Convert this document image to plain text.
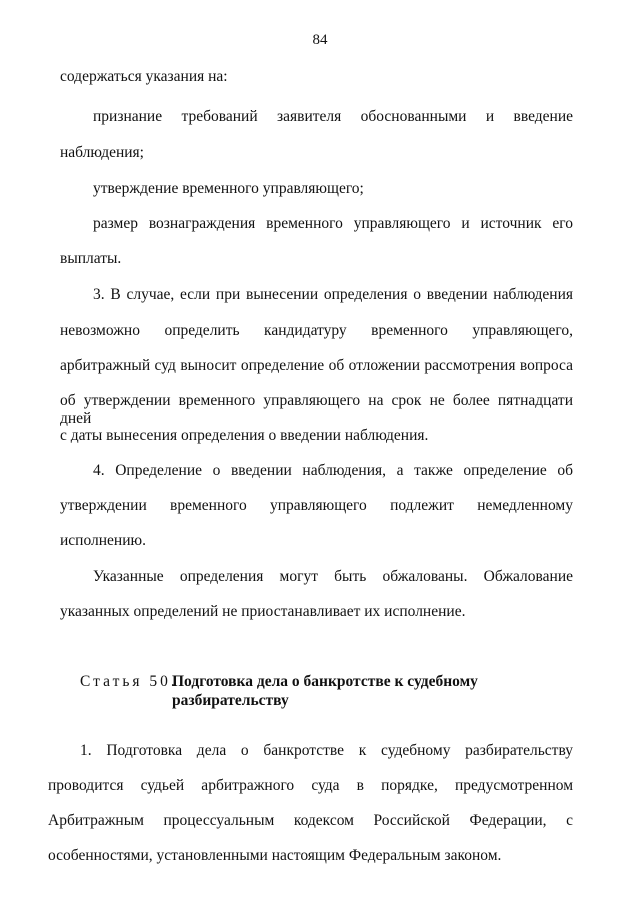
84
содержаться указания на:
признание требований заявителя обоснованными и введение
наблюдения;
утверждение временного управляющего;
размер вознаграждения временного управляющего и источник его
выплаты.
3. В случае, если при вынесении определения о введении наблюдения
невозможно определить кандидатуру временного управляющего,
арбитражный суд выносит определение об отложении рассмотрения вопроса
об утверждении временного управляющего на срок не более пятнадцати дней
с даты вынесения определения о введении наблюдения.
4. Определение о введении наблюдения, а также определение об
утверждении временного управляющего подлежит немедленному
исполнению.
Указанные определения могут быть обжалованы. Обжалование
указанных определений не приостанавливает их исполнение.
Статья 50.
Подготовка дела о банкротстве к судебному
разбирательству
1. Подготовка дела о банкротстве к судебному разбирательству
проводится судьей арбитражного суда в порядке, предусмотренном
Арбитражным процессуальным кодексом Российской Федерации, с
особенностями, установленными настоящим Федеральным законом.
